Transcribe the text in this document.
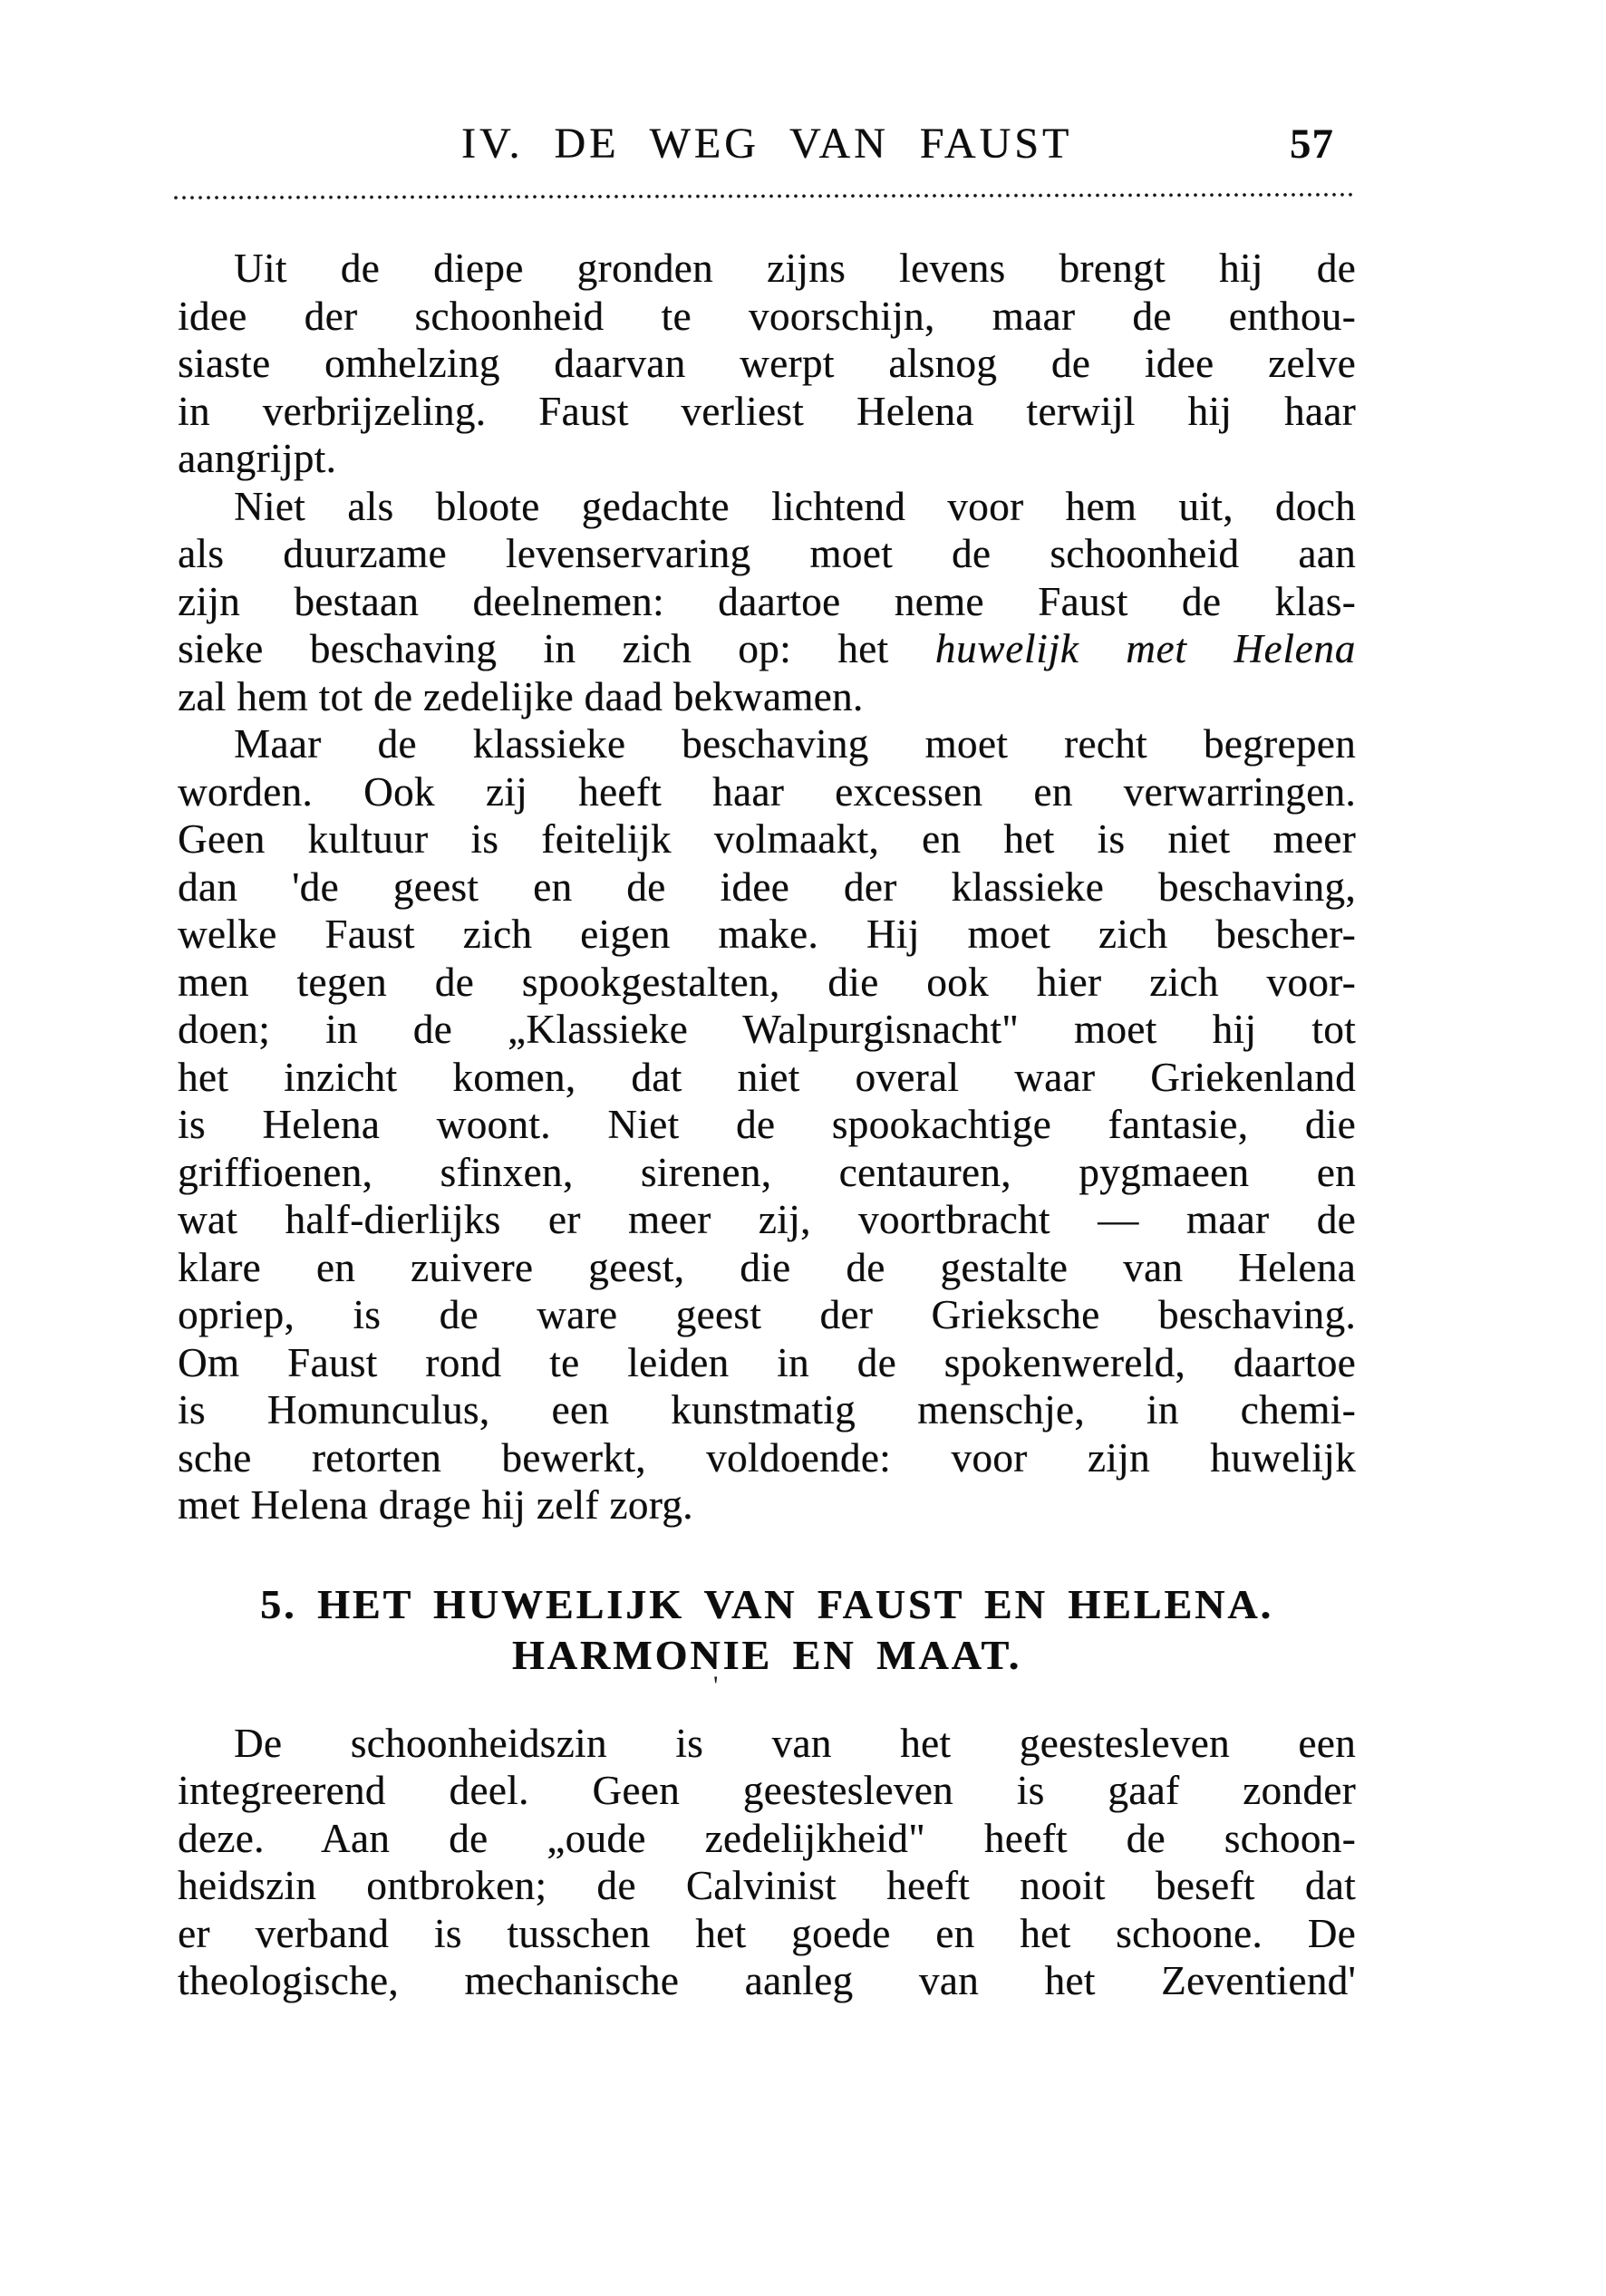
IV. DE WEG VAN FAUST	57
Uit de diepe gronden zijns levens brengt hij de
idee der schoonheid te voorschijn, maar de enthou-
siaste omhelzing daarvan werpt alsnog de idee zelve
in verbrijzeling. Faust verliest Helena terwijl hij haar
aangrijpt.
Niet als bloote gedachte lichtend voor hem uit, doch
als duurzame levenservaring moet de schoonheid aan
zijn bestaan deelnemen: daartoe neme Faust de klas-
sieke beschaving in zich op: het huwelijk met Helena
zal hem tot de zedelijke daad bekwamen.
Maar de klassieke beschaving moet recht begrepen
worden. Ook zij heeft haar excessen en verwarringen.
Geen kultuur is feitelijk volmaakt, en het is niet meer
dan 'de geest en de idee der klassieke beschaving,
welke Faust zich eigen make. Hij moet zich bescher-
men tegen de spookgestalten, die ook hier zich voor-
doen; in de „Klassieke Walpurgisnacht" moet hij tot
het inzicht komen, dat niet overal waar Griekenland
is Helena woont. Niet de spookachtige fantasie, die
griffioenen, sfinxen, sirenen, centauren, pygmaeen en
wat half-dierlijks er meer zij, voortbracht — maar de
klare en zuivere geest, die de gestalte van Helena
opriep, is de ware geest der Grieksche beschaving.
Om Faust rond te leiden in de spokenwereld, daartoe
is Homunculus, een kunstmatig menschje, in chemi-
sche retorten bewerkt, voldoende: voor zijn huwelijk
met Helena drage hij zelf zorg.
5. HET HUWELIJK VAN FAUST EN HELENA.
HARMONIE EN MAAT.
De schoonheidszin is van het geestesleven een
integreerend deel. Geen geestesleven is gaaf zonder
deze. Aan de „oude zedelijkheid" heeft de schoon-
heidszin ontbroken; de Calvinist heeft nooit beseft dat
er verband is tusschen het goede en het schoone. De
theologische, mechanische aanleg van het Zeventiend'
'
